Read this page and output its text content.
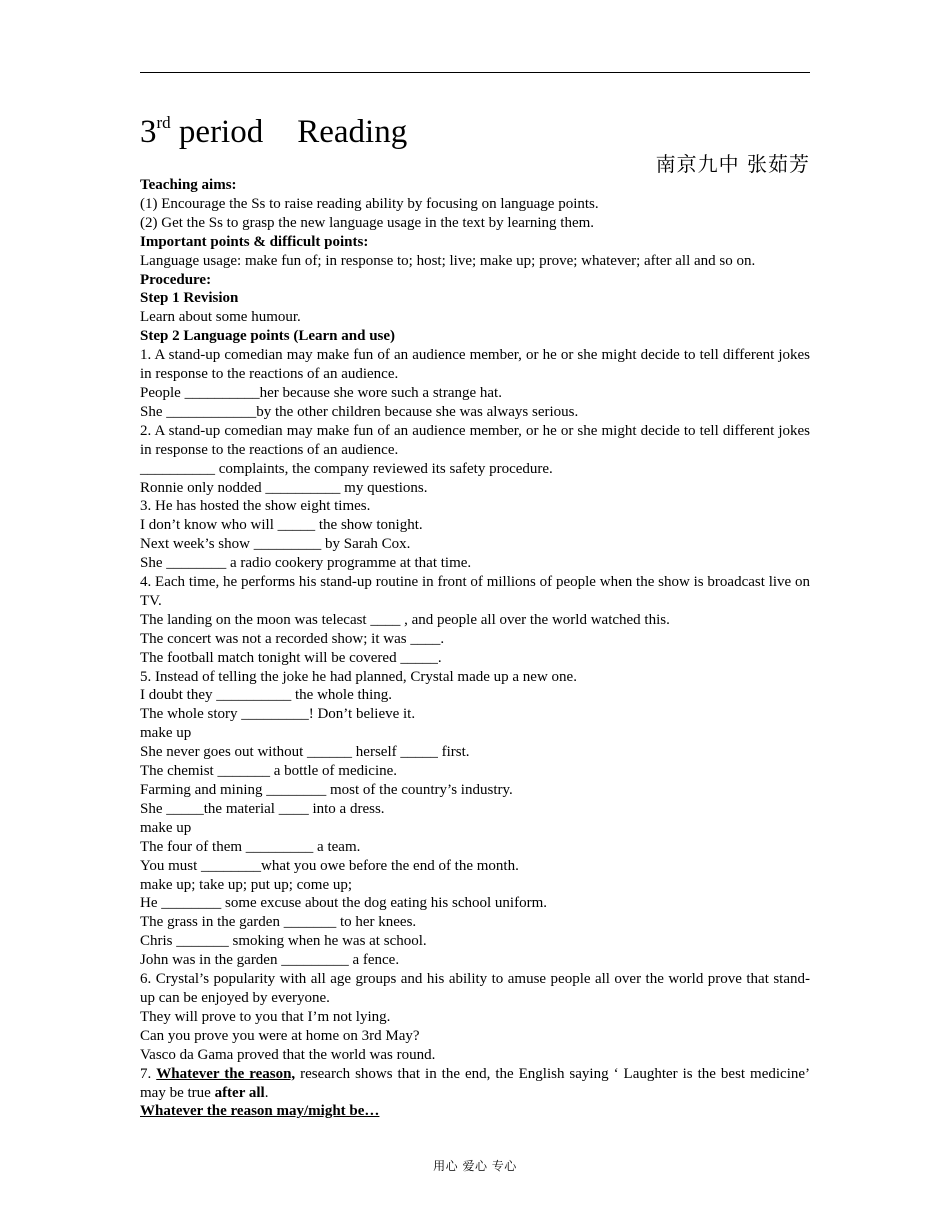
3rd period Reading
南京九中 张茹芳

Teaching aims:

(1) Encourage the Ss to raise reading ability by focusing on language points.

(2) Get the Ss to grasp the new language usage in the text by learning them.

Important points & difficult points:

Language usage: make fun of; in response to; host; live; make up; prove; whatever; after all and so on.

Procedure:

Step 1 Revision

Learn about some humour.

Step 2 Language points (Learn and use)

1. A stand-up comedian may make fun of an audience member, or he or she might decide to tell different jokes in response to the reactions of an audience.

People __________her because she wore such a strange hat.

She ____________by the other children because she was always serious.

2. A stand-up comedian may make fun of an audience member, or he or she might decide to tell different jokes in response to the reactions of an audience.

__________ complaints, the company reviewed its safety procedure.

Ronnie only nodded __________ my questions.

3. He has hosted the show eight times.

I don’t know who will _____ the show tonight.

Next week’s show _________ by Sarah Cox.

She ________ a radio cookery programme at that time.

4. Each time, he performs his stand-up routine in front of millions of people when the show is broadcast live on TV.

The landing on the moon was telecast ____ , and people all over the world watched this.

The concert was not a recorded show; it was ____.

The football match tonight will be covered _____.

5. Instead of telling the joke he had planned, Crystal made up a new one.

I doubt they __________ the whole thing.

The whole story _________! Don’t believe it.

make up

She never goes out without ______ herself _____ first.

The chemist _______ a bottle of medicine.

Farming and mining ________ most of the country’s industry.

She _____the material ____ into a dress.

make up

The four of them _________ a team.

You must ________what you owe before the end of the month.

make up; take up; put up; come up;

He ________ some excuse about the dog eating his school uniform.

The grass in the garden _______ to her knees.

Chris _______ smoking when he was at school.

John was in the garden _________ a fence.

6. Crystal’s popularity with all age groups and his ability to amuse people all over the world prove that stand-up can be enjoyed by everyone.

They will prove to you that I’m not lying.

Can you prove you were at home on 3rd May?

Vasco da Gama proved that the world was round.

7. Whatever the reason, research shows that in the end, the English saying ‘ Laughter is the best medicine’ may be true after all.

Whatever the reason may/might be…

用心 爱心 专心
